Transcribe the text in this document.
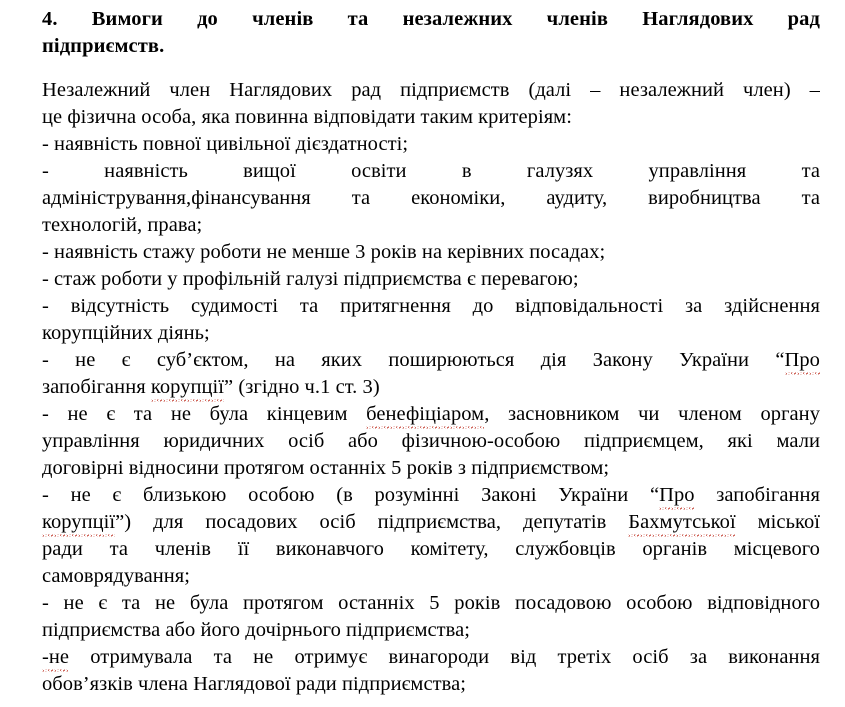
4. Вимоги до членів та незалежних членів Наглядових рад
підприємств.
Незалежний член Наглядових рад підприємств (далі – незалежний член) –
це фізична особа, яка повинна відповідати таким критеріям:
- наявність повної цивільної дієздатності;
- наявність вищої освіти в галузях управління та
адміністрування,фінансування та економіки, аудиту, виробництва та
технологій, права;
- наявність стажу роботи не менше 3 років на керівних посадах;
- стаж роботи у профільній галузі підприємства є перевагою;
- відсутність судимості та притягнення до відповідальності за здійснення
корупційних діянь;
- не є суб’єктом, на яких поширюються дія Закону України “Про
запобігання корупції” (згідно ч.1 ст. 3)
- не є та не була кінцевим бенефіціаром, засновником чи членом органу
управління юридичних осіб або фізичною-особою підприємцем, які мали
договірні відносини протягом останніх 5 років з підприємством;
- не є близькою особою (в розумінні Законі України “Про запобігання
корупції”) для посадових осіб підприємства, депутатів Бахмутської міської
ради та членів її виконавчого комітету, службовців органів місцевого
самоврядування;
- не є та не була протягом останніх 5 років посадовою особою відповідного
підприємства або його дочірнього підприємства;
-не отримувала та не отримує винагороди від третіх осіб за виконання
обов’язків члена Наглядової ради підприємства;
